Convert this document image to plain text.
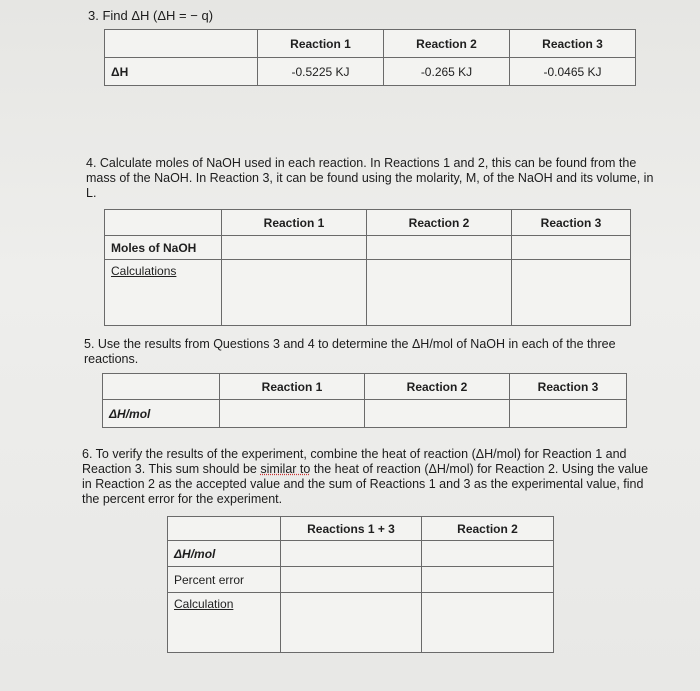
3. Find ΔH (ΔH = − q)
	Reaction 1	Reaction 2	Reaction 3
ΔH	-0.5225 KJ	-0.265 KJ	-0.0465 KJ
4. Calculate moles of NaOH used in each reaction. In Reactions 1 and 2, this can be found from the mass of the NaOH. In Reaction 3, it can be found using the molarity, M, of the NaOH and its volume, in L.
	Reaction 1	Reaction 2	Reaction 3
Moles of NaOH			
Calculations			
5. Use the results from Questions 3 and 4 to determine the ΔH/mol of NaOH in each of the three reactions.
	Reaction 1	Reaction 2	Reaction 3
ΔH/mol			
6. To verify the results of the experiment, combine the heat of reaction (ΔH/mol) for Reaction 1 and Reaction 3. This sum should be similar to the heat of reaction (ΔH/mol) for Reaction 2. Using the value in Reaction 2 as the accepted value and the sum of Reactions 1 and 3 as the experimental value, find the percent error for the experiment.
	Reactions 1 + 3	Reaction 2
ΔH/mol		
Percent error		
Calculation		
